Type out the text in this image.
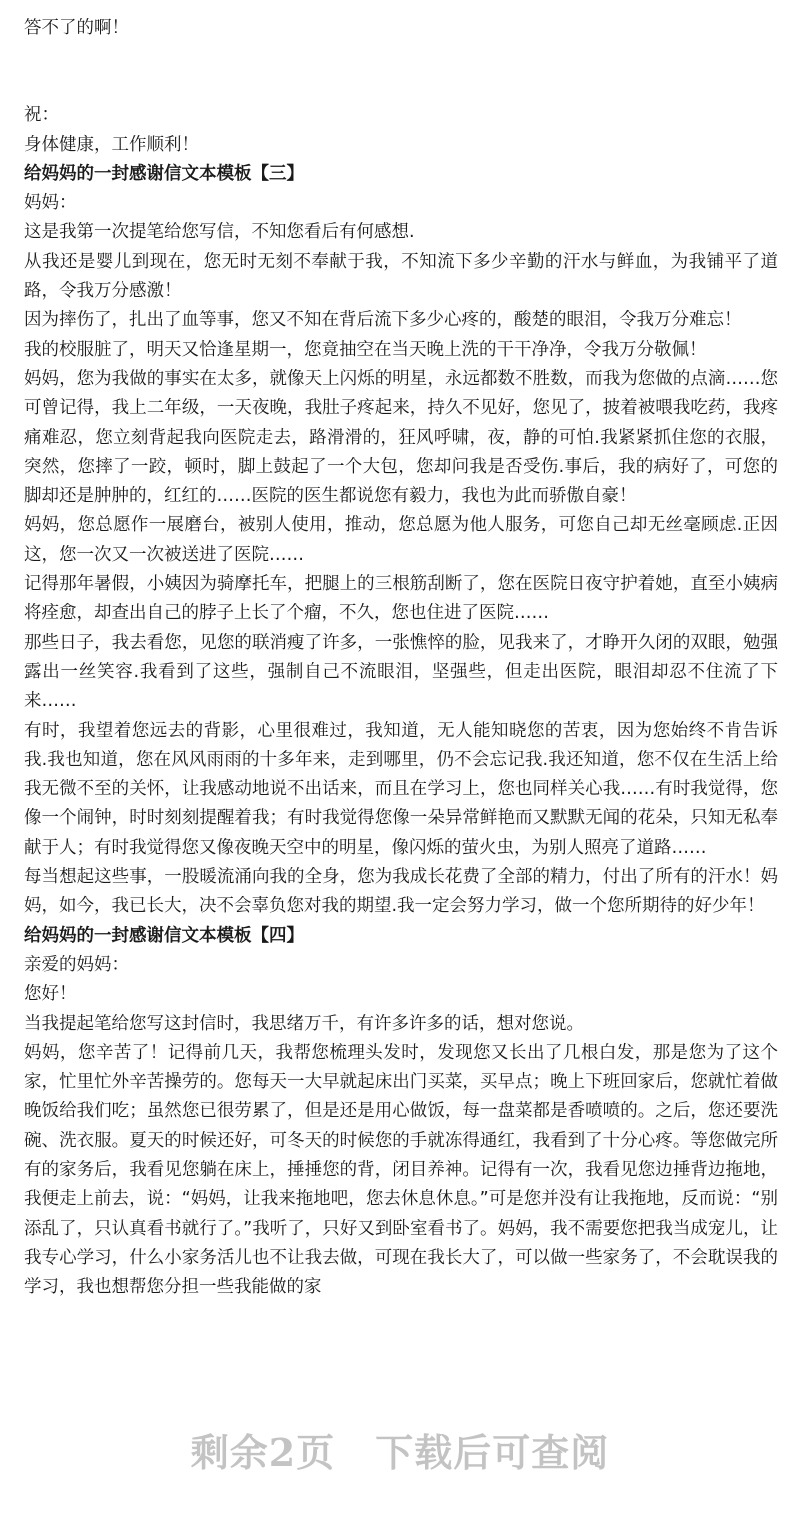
答不了的啊！

祝：

身体健康，工作顺利！

给妈妈的一封感谢信文本模板【三】

妈妈：

这是我第一次提笔给您写信，不知您看后有何感想.

从我还是婴儿到现在，您无时无刻不奉献于我，不知流下多少辛勤的汗水与鲜血，为我铺平了道路，令我万分感激！

因为摔伤了，扎出了血等事，您又不知在背后流下多少心疼的，酸楚的眼泪，令我万分难忘！

我的校服脏了，明天又恰逢星期一，您竟抽空在当天晚上洗的干干净净，令我万分敬佩！

妈妈，您为我做的事实在太多，就像天上闪烁的明星，永远都数不胜数，而我为您做的点滴……您可曾记得，我上二年级，一天夜晚，我肚子疼起来，持久不见好，您见了，披着被喂我吃药，我疼痛难忍，您立刻背起我向医院走去，路滑滑的，狂风呼啸，夜，静的可怕.我紧紧抓住您的衣服，突然，您摔了一跤，顿时，脚上鼓起了一个大包，您却问我是否受伤.事后，我的病好了，可您的脚却还是肿肿的，红红的……医院的医生都说您有毅力，我也为此而骄傲自豪！

妈妈，您总愿作一展磨台，被别人使用，推动，您总愿为他人服务，可您自己却无丝毫顾虑.正因这，您一次又一次被送进了医院……

记得那年暑假，小姨因为骑摩托车，把腿上的三根筋刮断了，您在医院日夜守护着她，直至小姨病将痊愈，却查出自己的脖子上长了个瘤，不久，您也住进了医院……

那些日子，我去看您，见您的联消瘦了许多，一张憔悴的脸，见我来了，才睁开久闭的双眼，勉强露出一丝笑容.我看到了这些，强制自己不流眼泪，坚强些，但走出医院，眼泪却忍不住流了下来……

有时，我望着您远去的背影，心里很难过，我知道，无人能知晓您的苦衷，因为您始终不肯告诉我.我也知道，您在风风雨雨的十多年来，走到哪里，仍不会忘记我.我还知道，您不仅在生活上给我无微不至的关怀，让我感动地说不出话来，而且在学习上，您也同样关心我……有时我觉得，您像一个闹钟，时时刻刻提醒着我；有时我觉得您像一朵异常鲜艳而又默默无闻的花朵，只知无私奉献于人；有时我觉得您又像夜晚天空中的明星，像闪烁的萤火虫，为别人照亮了道路……

每当想起这些事，一股暖流涌向我的全身，您为我成长花费了全部的精力，付出了所有的汗水！妈妈，如今，我已长大，决不会辜负您对我的期望.我一定会努力学习，做一个您所期待的好少年！

给妈妈的一封感谢信文本模板【四】

亲爱的妈妈：

您好！

当我提起笔给您写这封信时，我思绪万千，有许多许多的话，想对您说。

妈妈，您辛苦了！记得前几天，我帮您梳理头发时，发现您又长出了几根白发，那是您为了这个家，忙里忙外辛苦操劳的。您每天一大早就起床出门买菜，买早点；晚上下班回家后，您就忙着做晚饭给我们吃；虽然您已很劳累了，但是还是用心做饭，每一盘菜都是香喷喷的。之后，您还要洗碗、洗衣服。夏天的时候还好，可冬天的时候您的手就冻得通红，我看到了十分心疼。等您做完所有的家务后，我看见您躺在床上，捶捶您的背，闭目养神。记得有一次，我看见您边捶背边拖地，我便走上前去，说：“妈妈，让我来拖地吧，您去休息休息。”可是您并没有让我拖地，反而说：“别添乱了，只认真看书就行了。”我听了，只好又到卧室看书了。妈妈，我不需要您把我当成宠儿，让我专心学习，什么小家务活儿也不让我去做，可现在我长大了，可以做一些家务了，不会耽误我的学习，我也想帮您分担一些我能做的家

剩余2页 下载后可查阅
